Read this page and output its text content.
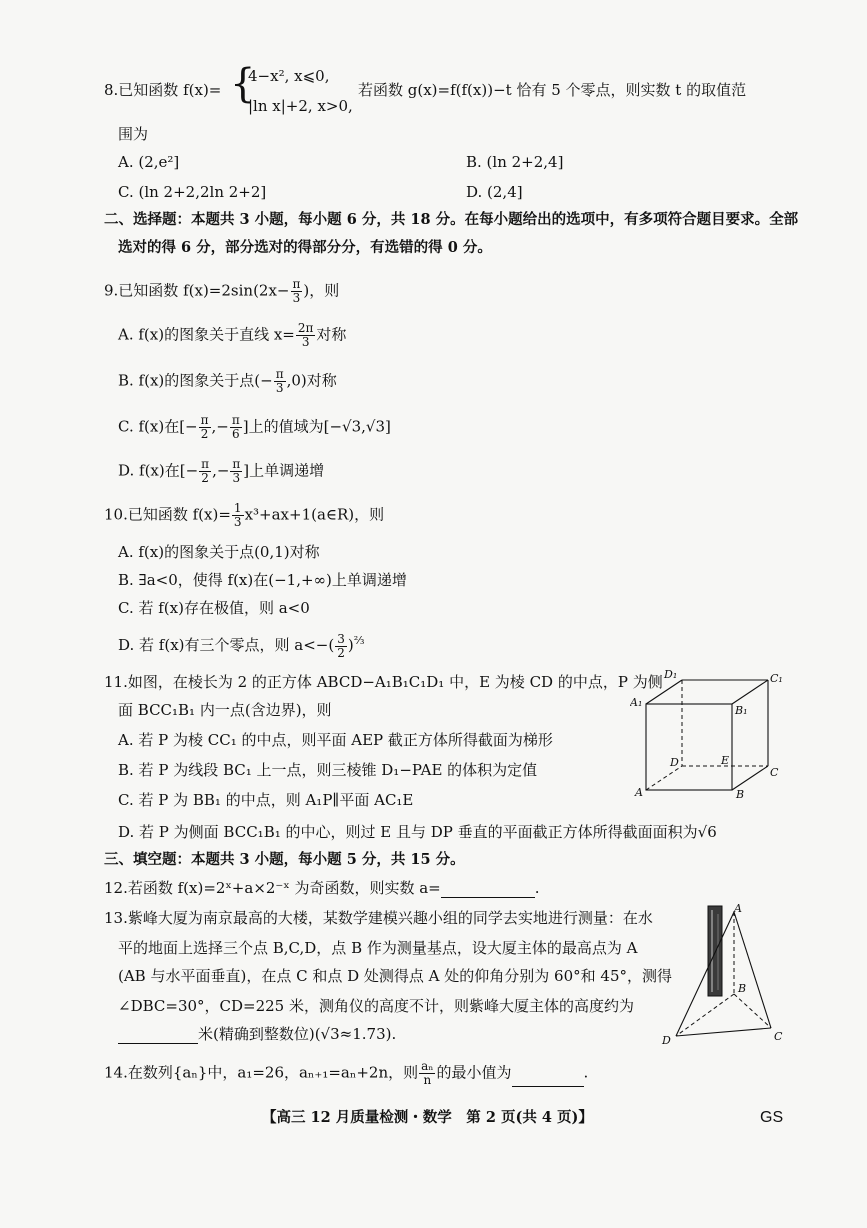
8.已知函数 f(x)= {
4−x², x⩽0,
|ln x|+2, x>0,
若函数 g(x)=f(f(x))−t 恰有 5 个零点，则实数 t 的取值范
围为
A. (2,e²]	B. (ln 2+2,4]
C. (ln 2+2,2ln 2+2]	D. (2,4]
二、选择题：本题共 3 小题，每小题 6 分，共 18 分。在每小题给出的选项中，有多项符合题目要求。全部
选对的得 6 分，部分选对的得部分分，有选错的得 0 分。
9.已知函数 $f(x)=2\sin(2x- \frac{\pi}{3}$ )，则
A. f(x)的图象关于直线 $x= \frac{2\pi}{3}$ 对称
B. f(x)的图象关于点(− $\frac{\pi}{3} ,0$)对称
C. f(x)在[− $\frac{\pi}{2}$ ,− $\frac{\pi}{6}$ ]上的值域为[−√3,√3]
D. f(x)在[− $\frac{\pi}{2}$ ,− $\frac{\pi}{3}$ ]上单调递增
10.已知函数 $f(x)= \frac{1}{3}$ x³+ax+1(a∈R)，则
A. f(x)的图象关于点(0,1)对称
B. ∃a<0，使得 f(x)在(−1,+∞)上单调递增
C. 若 f(x)存在极值，则 a<0
D. 若 f(x)有三个零点，则 $a<-( \frac{3}{2} )^{\frac{2}{3}}$
11.如图，在棱长为 2 的正方体 ABCD−A₁B₁C₁D₁ 中，E 为棱 CD 的中点，P 为侧
面 BCC₁B₁ 内一点(含边界)，则
A. 若 P 为棱 CC₁ 的中点，则平面 AEP 截正方体所得截面为梯形
B. 若 P 为线段 BC₁ 上一点，则三棱锥 D₁−PAE 的体积为定值
C. 若 P 为 BB₁ 的中点，则 A₁P∥平面 AC₁E
D. 若 P 为侧面 BCC₁B₁ 的中心，则过 E 且与 DP 垂直的平面截正方体所得截面面积为√6
D₁	C₁
A₁
B₁
D	E
C
A	B
三、填空题：本题共 3 小题，每小题 5 分，共 15 分。
12.若函数 f(x)=2ˣ+a×2⁻ˣ 为奇函数，则实数 a=	.
13.紫峰大厦为南京最高的大楼，某数学建模兴趣小组的同学去实地进行测量：在水
平的地面上选择三个点 B,C,D，点 B 作为测量基点，设大厦主体的最高点为 A
(AB 与水平面垂直)，在点 C 和点 D 处测得点 A 处的仰角分别为 60°和 45°，测得
∠DBC=30°，CD=225 米，测角仪的高度不计，则紫峰大厦主体的高度约为
米(精确到整数位)(√3≈1.73).
A
B
C
D
14.在数列{aₙ}中，a₁=26，aₙ₊₁=aₙ+2n，则 $\frac{\text{aₙ}}{n}$ 的最小值为	.
【高三 12 月质量检测・数学　第 2 页(共 4 页)】	GS
